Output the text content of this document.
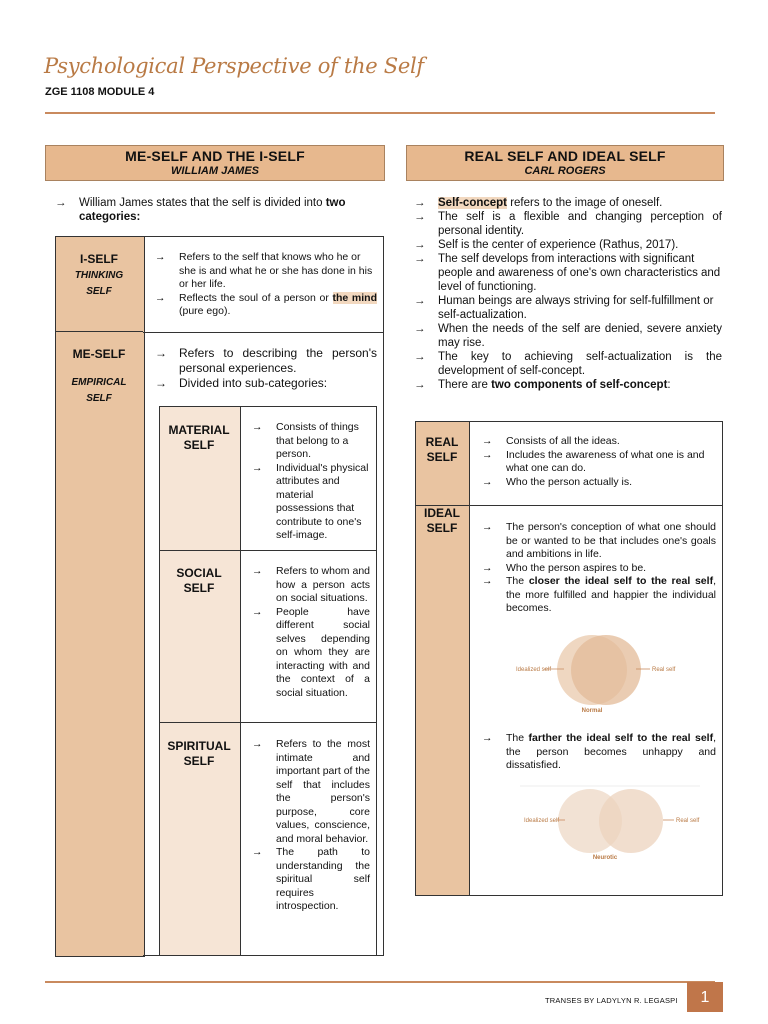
Psychological Perspective of the Self
ZGE 1108 MODULE 4
ME-SELF AND THE I-SELF
WILLIAM JAMES
→	William James states that the self is divided into two categories:
I-SELF
THINKING
SELF
→	Refers to the self that knows who he or she is and what he or she has done in his or her life.
→	Reflects the soul of a person or the mind (pure ego).
ME-SELF
EMPIRICAL
SELF
→	Refers to describing the person's personal experiences.
→	Divided into sub-categories:
MATERIAL
SELF
→	Consists of things that belong to a person.
→	Individual's physical attributes and material possessions that contribute to one's self-image.
SOCIAL
SELF
→	Refers to whom and how a person acts on social situations.
→	People have different social selves depending on whom they are interacting with and the context of a social situation.
SPIRITUAL
SELF
→	Refers to the most intimate and important part of the self that includes the person's purpose, core values, conscience, and moral behavior.
→	The path to understanding the spiritual self requires introspection.
REAL SELF AND IDEAL SELF
CARL ROGERS
→	Self-concept refers to the image of oneself.
→	The self is a flexible and changing perception of personal identity.
→	Self is the center of experience (Rathus, 2017).
→	The self develops from interactions with significant people and awareness of one's own characteristics and level of functioning.
→	Human beings are always striving for self-fulfillment or self-actualization.
→	When the needs of the self are denied, severe anxiety may rise.
→	The key to achieving self-actualization is the development of self-concept.
→	There are two components of self-concept:
REAL
SELF
→	Consists of all the ideas.
→	Includes the awareness of what one is and what one can do.
→	Who the person actually is.
IDEAL
SELF	→	The person's conception of what one should be or wanted to be that includes one's goals and ambitions in life.
→	Who the person aspires to be.
→	The closer the ideal self to the real self, the more fulfilled and happier the individual becomes.
Idealized self	Real self
Normal
→	The farther the ideal self to the real self, the person becomes unhappy and dissatisfied.
Idealized self	Real self
Neurotic
TRANSES BY LADYLYN R. LEGASPI	1
